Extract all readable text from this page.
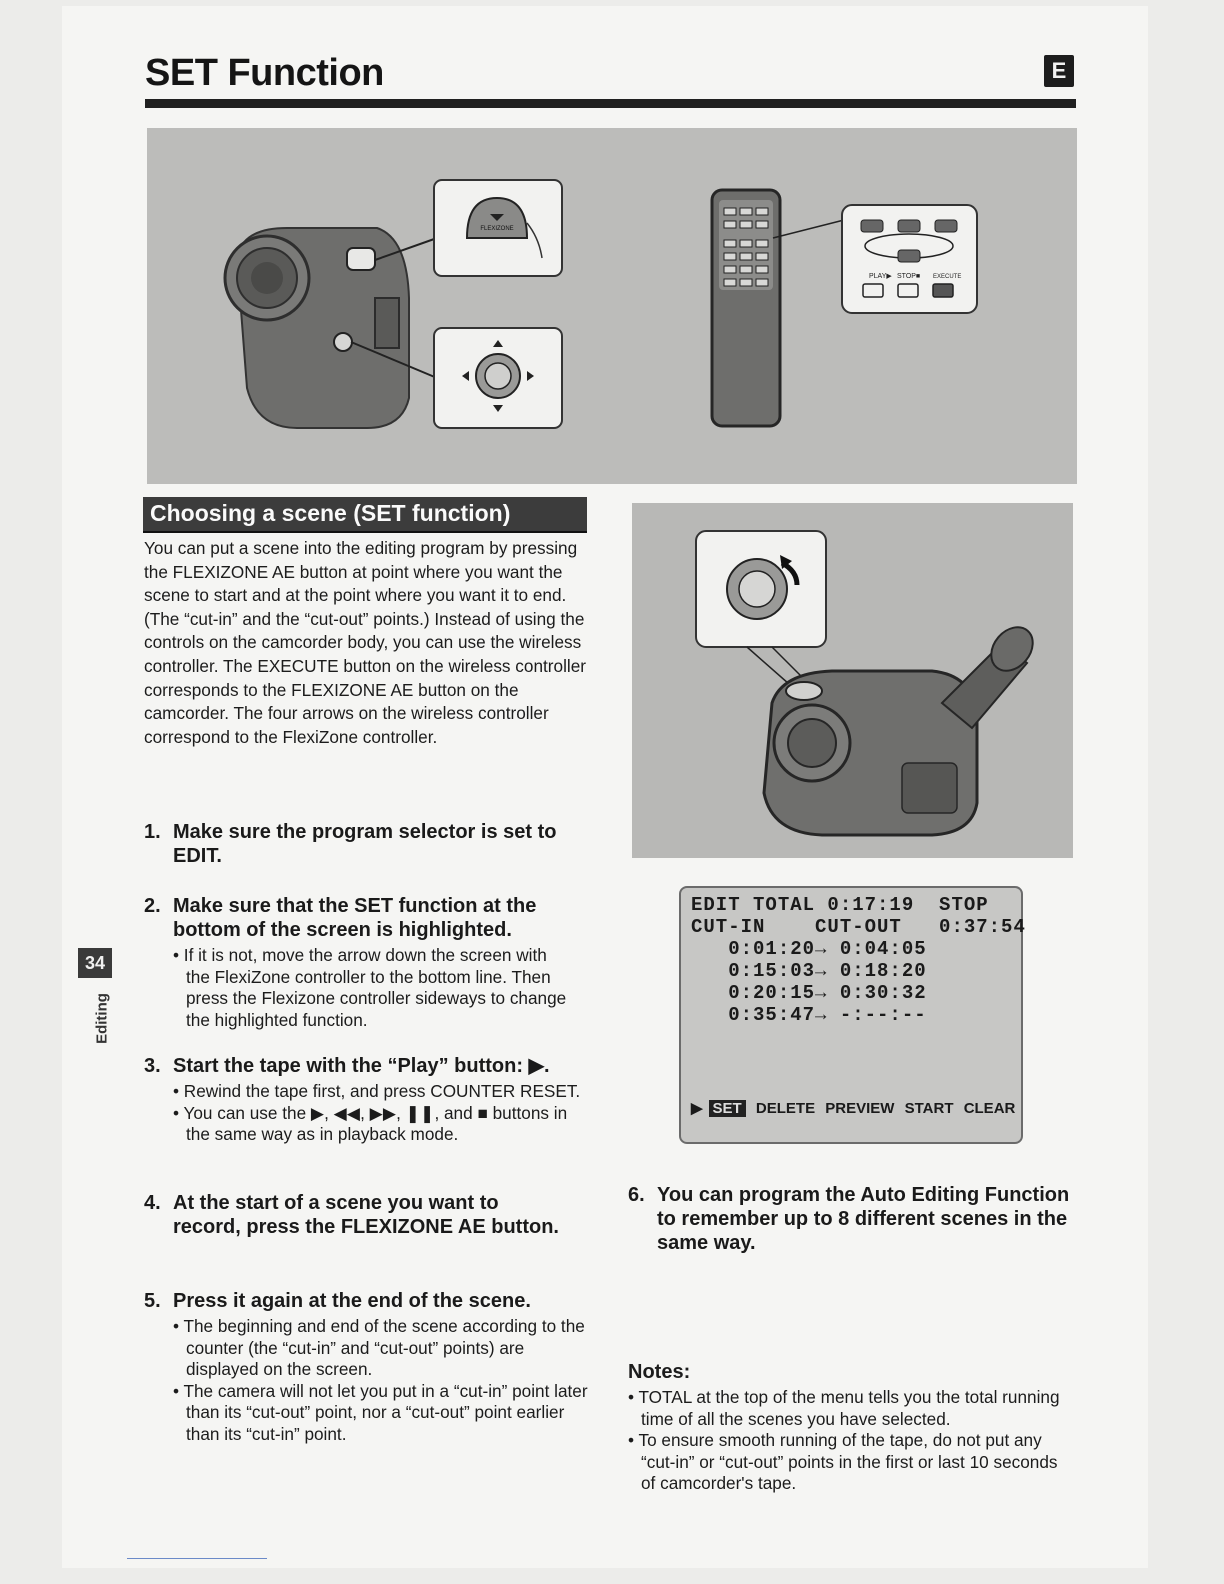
SET Function	E
FLEXIZONE
PLAY▶ STOP■ EXECUTE
Choosing a scene (SET function)
You can put a scene into the editing program by pressing the FLEXIZONE AE button at point where you want the scene to start and at the point where you want it to end. (The “cut-in” and the “cut-out” points.) Instead of using the controls on the camcorder body, you can use the wireless controller. The EXECUTE button on the wireless controller corresponds to the FLEXIZONE AE button on the camcorder. The four arrows on the wireless controller correspond to the FlexiZone controller.
1. Make sure the program selector is set to EDIT.
2. Make sure that the SET function at the bottom of the screen is highlighted.
• If it is not, move the arrow down the screen with the FlexiZone controller to the bottom line. Then press the Flexizone controller sideways to change the highlighted function.
3. Start the tape with the “Play” button: ▶.
• Rewind the tape first, and press COUNTER RESET.
• You can use the ▶, ◀◀, ▶▶, ❚❚, and ■ buttons in the same way as in playback mode.
4. At the start of a scene you want to record, press the FLEXIZONE AE button.
5. Press it again at the end of the scene.
• The beginning and end of the scene according to the counter (the “cut-in” and “cut-out” points) are displayed on the screen.
• The camera will not let you put in a “cut-in” point later than its “cut-out” point, nor a “cut-out” point earlier than its “cut-in” point.
34
Editing
EDIT TOTAL 0:17:19  STOP
CUT-IN    CUT-OUT   0:37:54
0:01:20→ 0:04:05
0:15:03→ 0:18:20
0:20:15→ 0:30:32
0:35:47→ -:--:--
▶ SET DELETE PREVIEW START CLEAR
6. You can program the Auto Editing Function to remember up to 8 different scenes in the same way.
Notes:
• TOTAL at the top of the menu tells you the total running time of all the scenes you have selected.
• To ensure smooth running of the tape, do not put any “cut-in” or “cut-out” points in the first or last 10 seconds of camcorder's tape.
